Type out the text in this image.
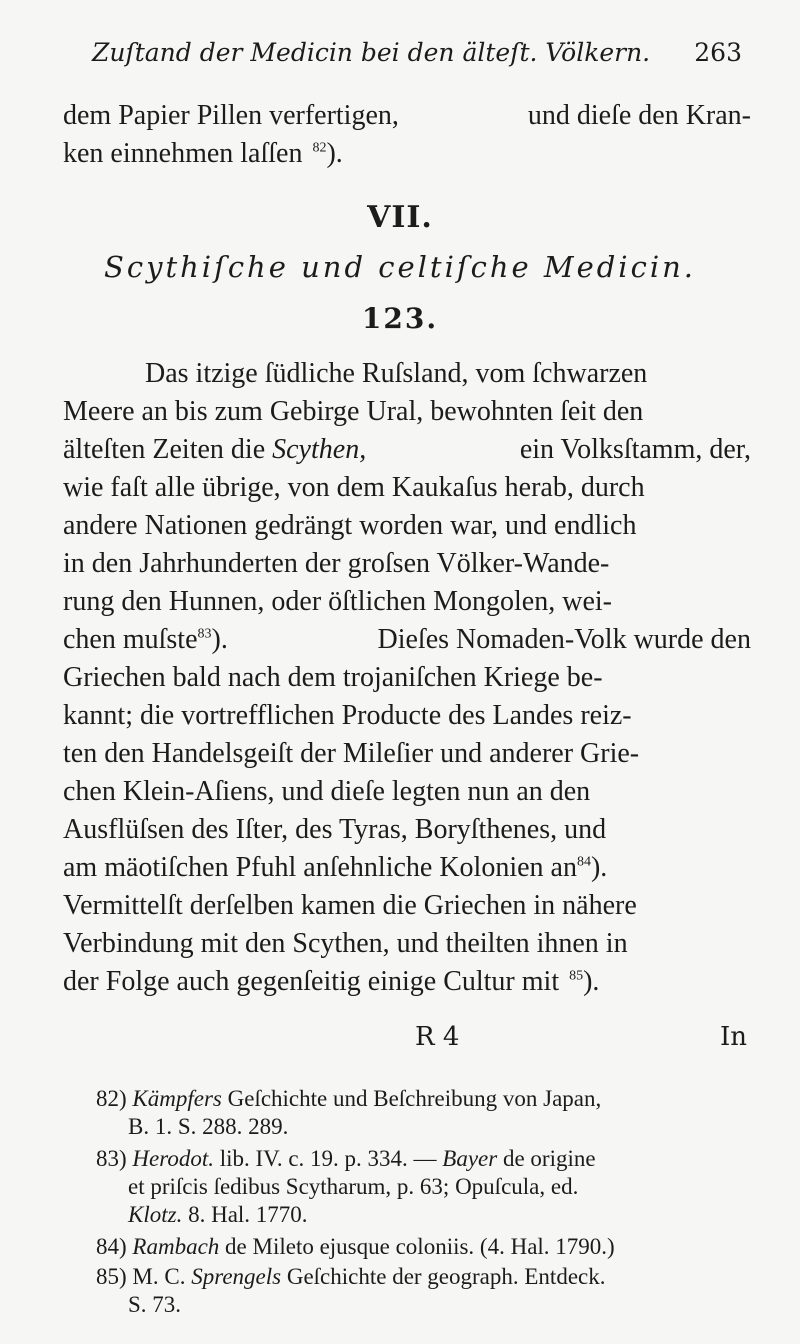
Zuſtand der Medicin bei den älteſt. Völkern. 263
dem Papier Pillen verfertigen,	und dieſe den Kran-
ken einnehmen laſſen $^{82}$).
VII.
Scythiſche und celtiſche Medicin.
123.
Das itzige ſüdliche Ruſsland, vom ſchwarzen
Meere an bis zum Gebirge Ural, bewohnten ſeit den
älteſten Zeiten die Scythen,	ein Volksſtamm, der,
wie faſt alle übrige, von dem Kaukaſus herab, durch
andere Nationen gedrängt worden war, und endlich
in den Jahrhunderten der groſsen Völker-Wande-
rung den Hunnen, oder öſtlichen Mongolen, wei-
chen muſste$^{83}$).	Dieſes Nomaden-Volk wurde den
Griechen bald nach dem trojaniſchen Kriege be-
kannt; die vortrefflichen Producte des Landes reiz-
ten den Handelsgeiſt der Mileſier und anderer Grie-
chen Klein-Aſiens, und dieſe legten nun an den
Ausflüſsen des Iſter, des Tyras, Boryſthenes, und
am mäotiſchen Pfuhl anſehnliche Kolonien $an^{84}$).
Vermittelſt derſelben kamen die Griechen in nähere
Verbindung mit den Scythen, und theilten ihnen in
der Folge auch gegenſeitig einige Cultur mit $^{85}$).
R 4	In
82) Kämpfers Geſchichte und Beſchreibung von Japan,
B. 1. S. 288. 289.
83) Herodot. lib. IV. c. 19. p. 334. — Bayer de origine
et priſcis ſedibus Scytharum, p. 63; Opuſcula, ed.
Klotz. 8. Hal. 1770.
84) Rambach de Mileto ejusque coloniis. (4. Hal. 1790.)
85) M. C. Sprengels Geſchichte der geograph. Entdeck.
S. 73.
